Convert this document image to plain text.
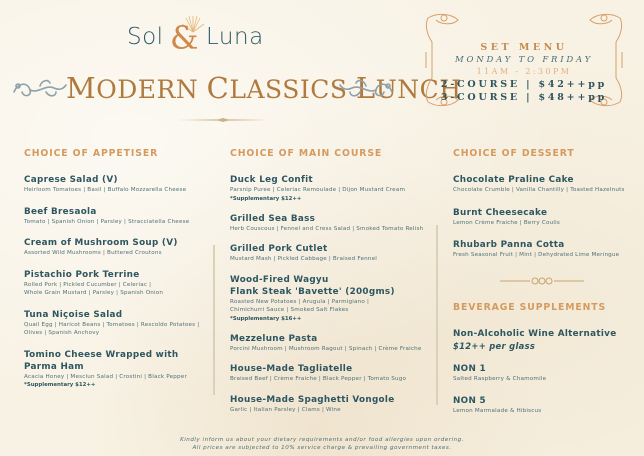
Sol & Luna
MODERN CLASSICS LUNCH
SET MENU
MONDAY TO FRIDAY
11AM - 2:30PM
2-COURSE | $42++pp
3-COURSE | $48++pp
CHOICE OF APPETISER
Caprese Salad (V)
Heirloom Tomatoes | Basil | Buffalo Mozzarella Cheese
Beef Bresaola
Tomato | Spanish Onion | Parsley | Stracciatella Cheese
Cream of Mushroom Soup (V)
Assorted Wild Mushrooms | Buttered Croutons
Pistachio Pork Terrine
Rolled Pork | Pickled Cucumber | Celeriac |
Whole Grain Mustard | Parsley | Spanish Onion
Tuna Niçoise Salad
Quail Egg | Haricot Beans | Tomatoes | Rescoldo Potatoes |
Olives | Spanish Anchovy
Tomino Cheese Wrapped with Parma Ham
Acacia Honey | Mesclun Salad | Crostini | Black Pepper
*Supplementary $12++
CHOICE OF MAIN COURSE
Duck Leg Confit
Parsnip Puree | Celeriac Remoulade | Dijon Mustard Cream
*Supplementary $12++
Grilled Sea Bass
Herb Couscous | Fennel and Cress Salad | Smoked Tomato Relish
Grilled Pork Cutlet
Mustard Mash | Pickled Cabbage | Braised Fennel
Wood-Fired Wagyu
Flank Steak 'Bavette' (200gms)
Roasted New Potatoes | Arugula | Parmigiano |
Chimichurri Sauce | Smoked Salt Flakes
*Supplementary $16++
Mezzelune Pasta
Porcini Mushroom | Mushroom Ragout | Spinach | Crème Fraiche
House-Made Tagliatelle
Braised Beef | Crème Fraiche | Black Pepper | Tomato Sugo
House-Made Spaghetti Vongole
Garlic | Italian Parsley | Clams | Wine
CHOICE OF DESSERT
Chocolate Praline Cake
Chocolate Crumble | Vanilla Chantilly | Toasted Hazelnuts
Burnt Cheesecake
Lemon Crème Fraiche | Berry Coulis
Rhubarb Panna Cotta
Fresh Seasonal Fruit | Mint | Dehydrated Lime Meringue
BEVERAGE SUPPLEMENTS
Non-Alcoholic Wine Alternative
$12++ per glass
NON 1
Salted Raspberry & Chamomile
NON 5
Lemon Marmalade & Hibiscus
Kindly inform us about your dietary requirements and/or food allergies upon ordering.
All prices are subjected to 10% service charge & prevailing government taxes.
